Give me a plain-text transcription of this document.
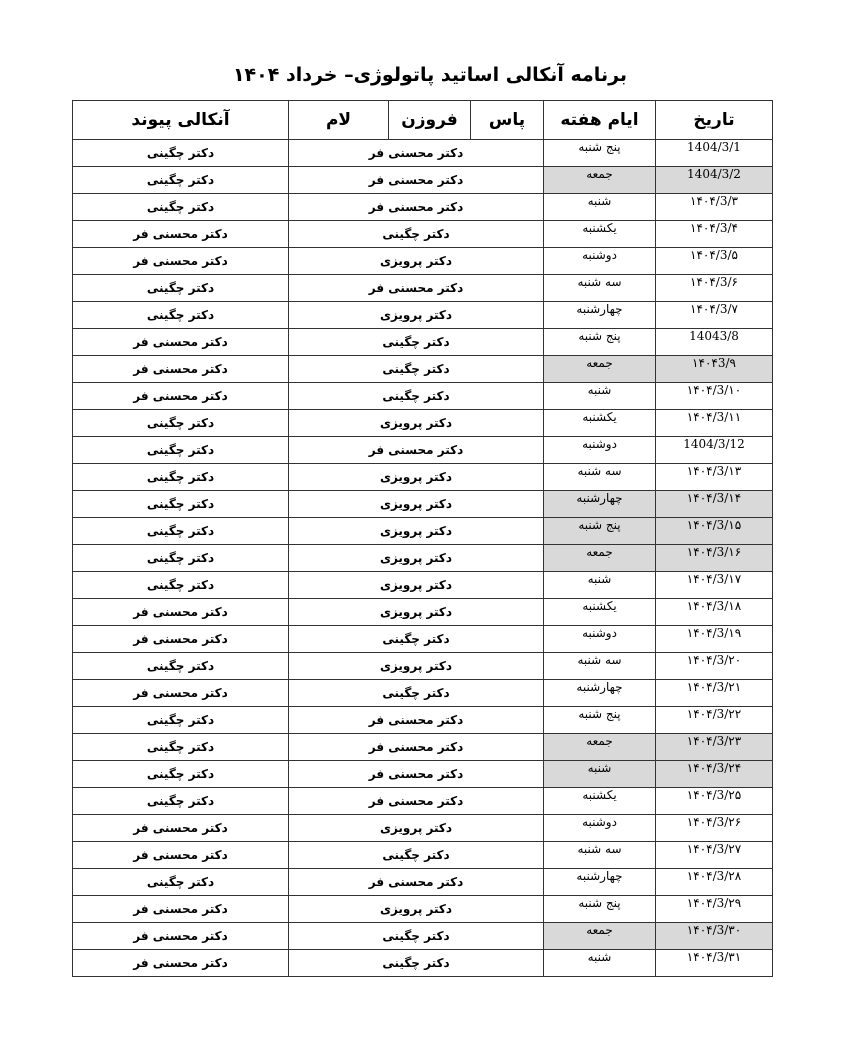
برنامه آنکالی اساتید پاتولوژی– خرداد ۱۴۰۴
تاریخ	ایام هفته	پاس	فروزن	لام	آنکالی پیوند
1404/3/1	پنج شنبه	دکتر محسنی فر			دکتر چگینی
1404/3/2	جمعه	دکتر محسنی فر			دکتر چگینی
۱۴۰۴/3/۳	شنبه	دکتر محسنی فر			دکتر چگینی
۱۴۰۴/3/۴	یکشنبه	دکتر چگینی			دکتر محسنی فر
۱۴۰۴/3/۵	دوشنبه	دکتر پرویزی			دکتر محسنی فر
۱۴۰۴/3/۶	سه شنبه	دکتر محسنی فر			دکتر چگینی
۱۴۰۴/3/۷	چهارشنبه	دکتر پرویزی			دکتر چگینی
14043/8	پنج شنبه	دکتر چگینی			دکتر محسنی فر
۱۴۰۴3/۹	جمعه	دکتر چگینی			دکتر محسنی فر
۱۴۰۴/3/۱۰	شنبه	دکتر چگینی			دکتر محسنی فر
۱۴۰۴/3/۱۱	یکشنبه	دکتر پرویزی			دکتر چگینی
1404/3/12	دوشنبه	دکتر محسنی فر			دکتر چگینی
۱۴۰۴/3/۱۳	سه شنبه	دکتر پرویزی			دکتر چگینی
۱۴۰۴/3/۱۴	چهارشنبه	دکتر پرویزی			دکتر چگینی
۱۴۰۴/3/۱۵	پنج شنبه	دکتر پرویزی			دکتر چگینی
۱۴۰۴/3/۱۶	جمعه	دکتر پرویزی			دکتر چگینی
۱۴۰۴/3/۱۷	شنبه	دکتر پرویزی			دکتر چگینی
۱۴۰۴/3/۱۸	یکشنبه	دکتر پرویزی			دکتر محسنی فر
۱۴۰۴/3/۱۹	دوشنبه	دکتر چگینی			دکتر محسنی فر
۱۴۰۴/3/۲۰	سه شنبه	دکتر پرویزی			دکتر چگینی
۱۴۰۴/3/۲۱	چهارشنبه	دکتر چگینی			دکتر محسنی فر
۱۴۰۴/3/۲۲	پنج شنبه	دکتر محسنی فر			دکتر چگینی
۱۴۰۴/3/۲۳	جمعه	دکتر محسنی فر			دکتر چگینی
۱۴۰۴/3/۲۴	شنبه	دکتر محسنی فر			دکتر چگینی
۱۴۰۴/3/۲۵	یکشنبه	دکتر محسنی فر			دکتر چگینی
۱۴۰۴/3/۲۶	دوشنبه	دکتر پرویزی			دکتر محسنی فر
۱۴۰۴/3/۲۷	سه شنبه	دکتر چگینی			دکتر محسنی فر
۱۴۰۴/3/۲۸	چهارشنبه	دکتر محسنی فر			دکتر چگینی
۱۴۰۴/3/۲۹	پنج شنبه	دکتر پرویزی			دکتر محسنی فر
۱۴۰۴/3/۳۰	جمعه	دکتر چگینی			دکتر محسنی فر
۱۴۰۴/3/۳۱	شنبه	دکتر چگینی			دکتر محسنی فر
